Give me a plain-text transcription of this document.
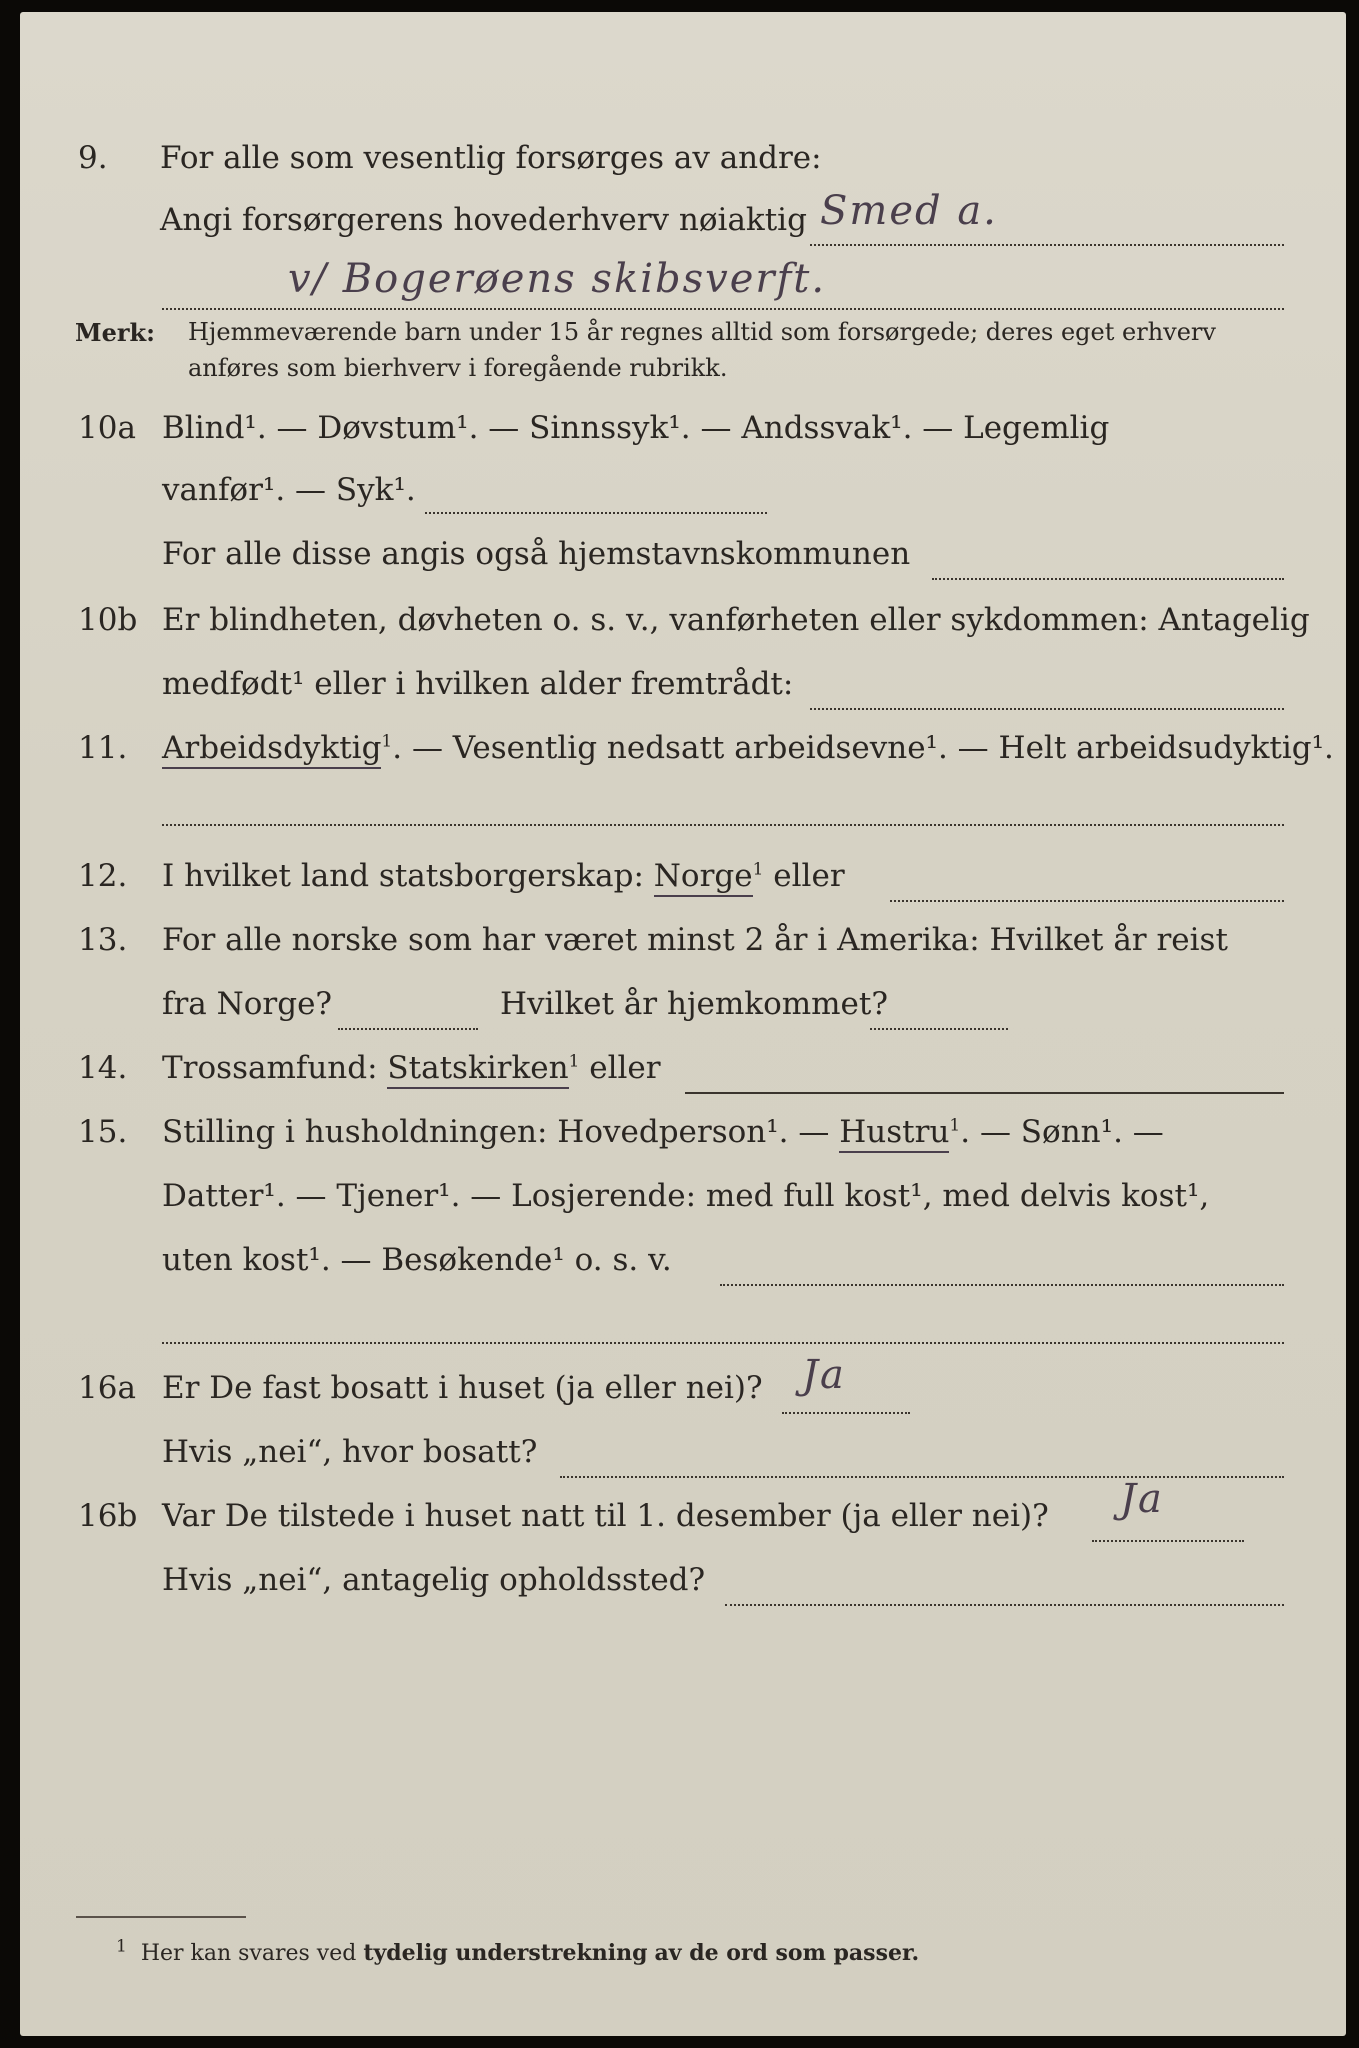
9.	For alle som vesentlig forsørges av andre:
Angi forsørgerens hovederhverv nøiaktig Smed a.
v/ Bogerøens skibsverft.
Merk: Hjemmeværende barn under 15 år regnes alltid som forsørgede; deres eget erhverv
anføres som bierhverv i foregående rubrikk.
10a Blind¹. — Døvstum¹. — Sinnssyk¹. — Andssvak¹. — Legemlig
vanfør¹. — Syk¹.
For alle disse angis også hjemstavnskommunen
10b Er blindheten, døvheten o. s. v., vanførheten eller sykdommen: Antagelig
medfødt¹ eller i hvilken alder fremtrådt:
11.	Arbeidsdyktig$^1$. — Vesentlig nedsatt arbeidsevne¹. — Helt arbeidsudyktig¹.
12.	I hvilket land statsborgerskap: Norge$^1$ eller
13.	For alle norske som har været minst 2 år i Amerika: Hvilket år reist
fra Norge?	Hvilket år hjemkommet?
14.	Trossamfund: Statskirken$^1$ eller
15.	Stilling i husholdningen: Hovedperson¹. — Hustru$^1$. — Sønn¹. —
Datter¹. — Tjener¹. — Losjerende: med full kost¹, med delvis kost¹,
uten kost¹. — Besøkende¹ o. s. v.
16a Er De fast bosatt i huset (ja eller nei)? Ja
Hvis „nei“, hvor bosatt?
16b Var De tilstede i huset natt til 1. desember (ja eller nei)? Ja
Hvis „nei“, antagelig opholdssted?
$^1$ Her kan svares ved tydelig understrekning av de ord som passer.
